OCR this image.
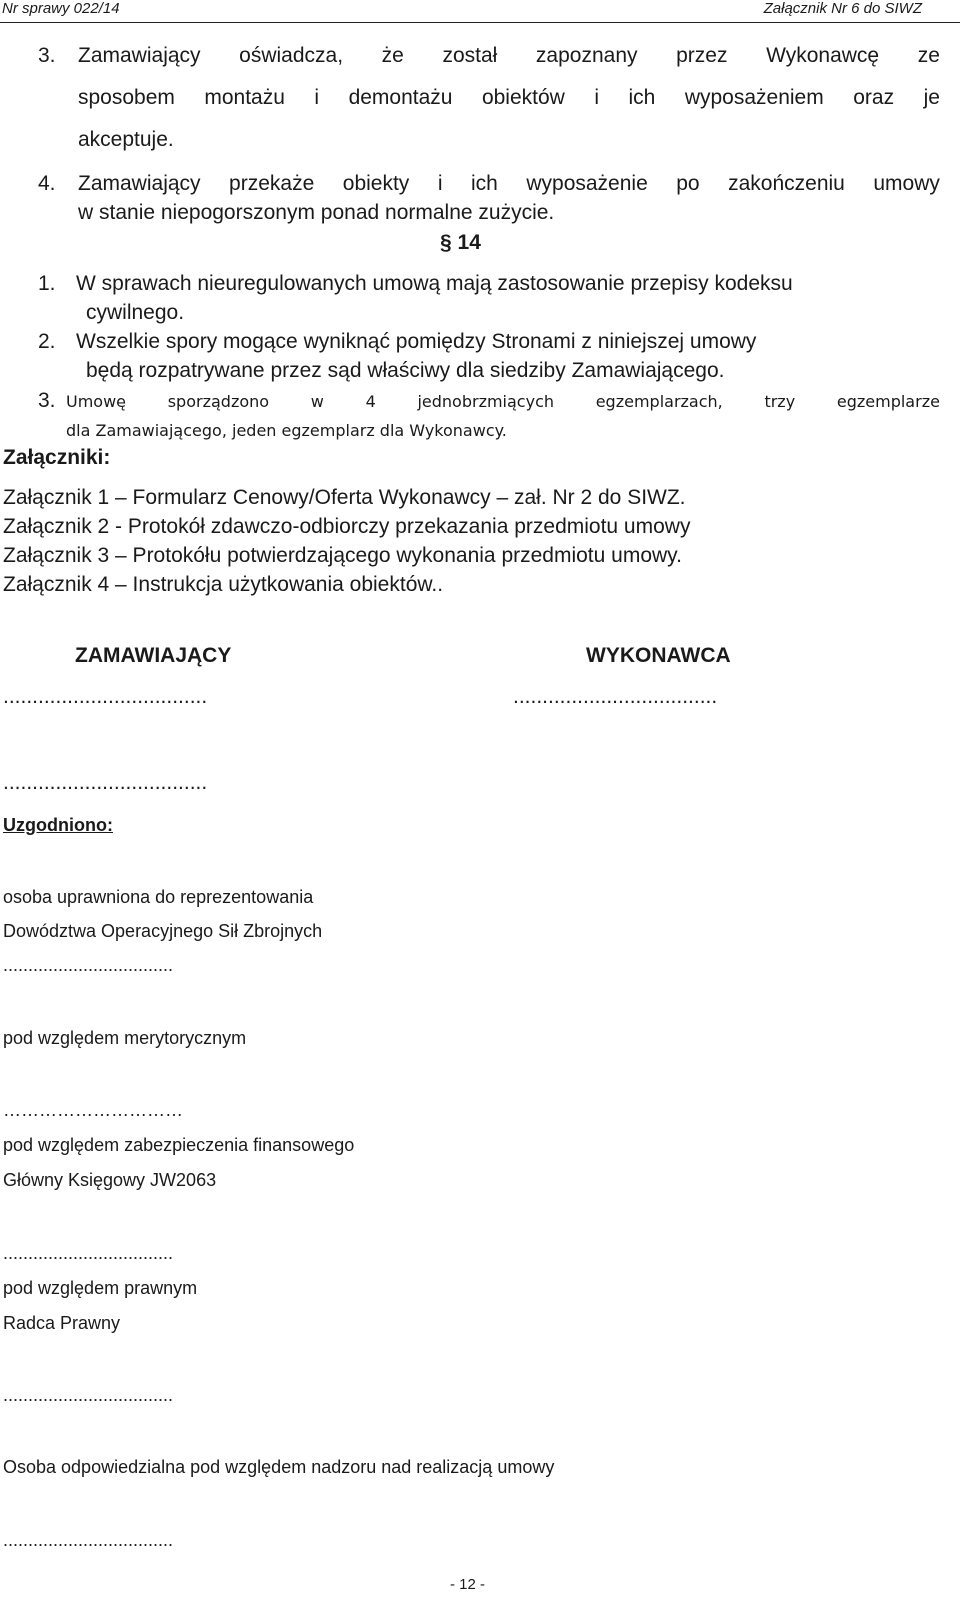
Nr sprawy 022/14	Załącznik Nr 6 do SIWZ
3. Zamawiający oświadcza, że został zapoznany przez Wykonawcę ze
sposobem montażu i demontażu obiektów i ich wyposażeniem oraz je
akceptuje.
4. Zamawiający przekaże obiekty i ich wyposażenie po zakończeniu umowy
w stanie niepogorszonym ponad normalne zużycie.
§ 14
1. W sprawach nieuregulowanych umową mają zastosowanie przepisy kodeksu
cywilnego.
2. Wszelkie spory mogące wyniknąć pomiędzy Stronami z niniejszej umowy
będą rozpatrywane przez sąd właściwy dla siedziby Zamawiającego.
3. Umowę	sporządzono	w	4	jednobrzmiących	egzemplarzach,	trzy	egzemplarze
dla Zamawiającego, jeden egzemplarz dla Wykonawcy.
Załączniki:
Załącznik 1 – Formularz Cenowy/Oferta Wykonawcy – zał. Nr 2 do SIWZ.
Załącznik 2 - Protokół zdawczo-odbiorczy przekazania przedmiotu umowy
Załącznik 3 – Protokółu potwierdzającego wykonania przedmiotu umowy.
Załącznik 4 – Instrukcja użytkowania obiektów..
ZAMAWIAJĄCY	WYKONAWCA
...................................	...................................
...................................
Uzgodniono:
osoba uprawniona do reprezentowania
Dowództwa Operacyjnego Sił Zbrojnych
..................................
pod względem merytorycznym
…………………………
pod względem zabezpieczenia finansowego
Główny Księgowy JW2063
..................................
pod względem prawnym
Radca Prawny
..................................
Osoba odpowiedzialna pod względem nadzoru nad realizacją umowy
..................................
- 12 -
